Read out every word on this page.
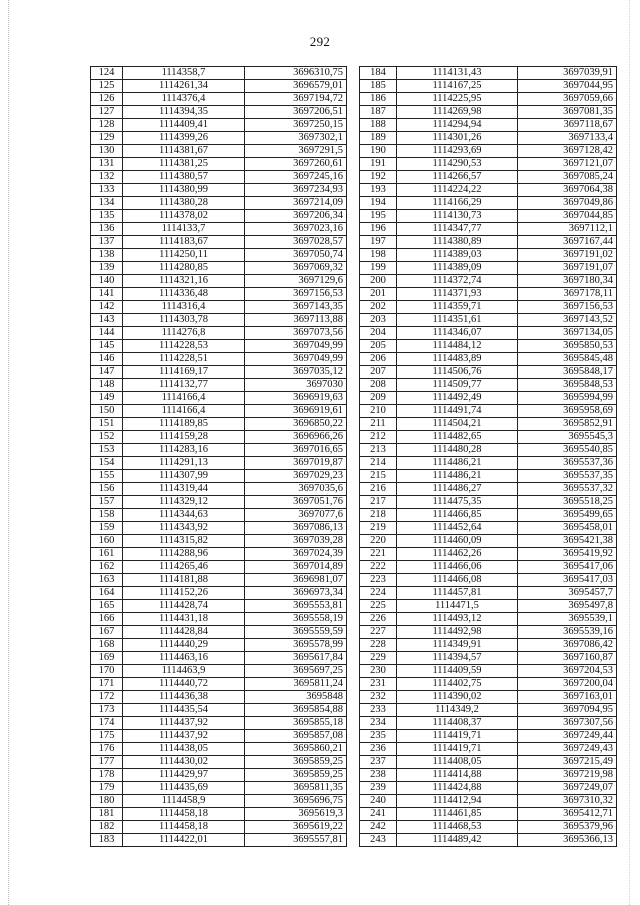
292
124	1114358,7	3696310,75
125	1114261,34	3696579,01
126	1114376,4	3697194,72
127	1114394,35	3697206,51
128	1114409,41	3697250,15
129	1114399,26	3697302,1
130	1114381,67	3697291,5
131	1114381,25	3697260,61
132	1114380,57	3697245,16
133	1114380,99	3697234,93
134	1114380,28	3697214,09
135	1114378,02	3697206,34
136	1114133,7	3697023,16
137	1114183,67	3697028,57
138	1114250,11	3697050,74
139	1114280,85	3697069,32
140	1114321,16	3697129,6
141	1114336,48	3697156,53
142	1114316,4	3697143,35
143	1114303,78	3697113,88
144	1114276,8	3697073,56
145	1114228,53	3697049,99
146	1114228,51	3697049,99
147	1114169,17	3697035,12
148	1114132,77	3697030
149	1114166,4	3696919,63
150	1114166,4	3696919,61
151	1114189,85	3696850,22
152	1114159,28	3696966,26
153	1114283,16	3697016,65
154	1114291,13	3697019,87
155	1114307,99	3697029,23
156	1114319,44	3697035,6
157	1114329,12	3697051,76
158	1114344,63	3697077,6
159	1114343,92	3697086,13
160	1114315,82	3697039,28
161	1114288,96	3697024,39
162	1114265,46	3697014,89
163	1114181,88	3696981,07
164	1114152,26	3696973,34
165	1114428,74	3695553,81
166	1114431,18	3695558,19
167	1114428,84	3695559,59
168	1114440,29	3695578,99
169	1114463,16	3695617,84
170	1114463,9	3695697,25
171	1114440,72	3695811,24
172	1114436,38	3695848
173	1114435,54	3695854,88
174	1114437,92	3695855,18
175	1114437,92	3695857,08
176	1114438,05	3695860,21
177	1114430,02	3695859,25
178	1114429,97	3695859,25
179	1114435,69	3695811,35
180	1114458,9	3695696,75
181	1114458,18	3695619,3
182	1114458,18	3695619,22
183	1114422,01	3695557,81
184	1114131,43	3697039,91
185	1114167,25	3697044,95
186	1114225,95	3697059,66
187	1114269,98	3697081,35
188	1114294,94	3697118,67
189	1114301,26	3697133,4
190	1114293,69	3697128,42
191	1114290,53	3697121,07
192	1114266,57	3697085,24
193	1114224,22	3697064,38
194	1114166,29	3697049,86
195	1114130,73	3697044,85
196	1114347,77	3697112,1
197	1114380,89	3697167,44
198	1114389,03	3697191,02
199	1114389,09	3697191,07
200	1114372,74	3697180,34
201	1114371,93	3697178,11
202	1114359,71	3697156,53
203	1114351,61	3697143,52
204	1114346,07	3697134,05
205	1114484,12	3695850,53
206	1114483,89	3695845,48
207	1114506,76	3695848,17
208	1114509,77	3695848,53
209	1114492,49	3695994,99
210	1114491,74	3695958,69
211	1114504,21	3695852,91
212	1114482,65	3695545,3
213	1114480,28	3695540,85
214	1114486,21	3695537,36
215	1114486,21	3695537,35
216	1114486,27	3695537,32
217	1114475,35	3695518,25
218	1114466,85	3695499,65
219	1114452,64	3695458,01
220	1114460,09	3695421,38
221	1114462,26	3695419,92
222	1114466,06	3695417,06
223	1114466,08	3695417,03
224	1114457,81	3695457,7
225	1114471,5	3695497,8
226	1114493,12	3695539,1
227	1114492,98	3695539,16
228	1114349,91	3697086,42
229	1114394,57	3697160,87
230	1114409,59	3697204,53
231	1114402,75	3697200,04
232	1114390,02	3697163,01
233	1114349,2	3697094,95
234	1114408,37	3697307,56
235	1114419,71	3697249,44
236	1114419,71	3697249,43
237	1114408,05	3697215,49
238	1114414,88	3697219,98
239	1114424,88	3697249,07
240	1114412,94	3697310,32
241	1114461,85	3695412,71
242	1114468,53	3695379,96
243	1114489,42	3695366,13
